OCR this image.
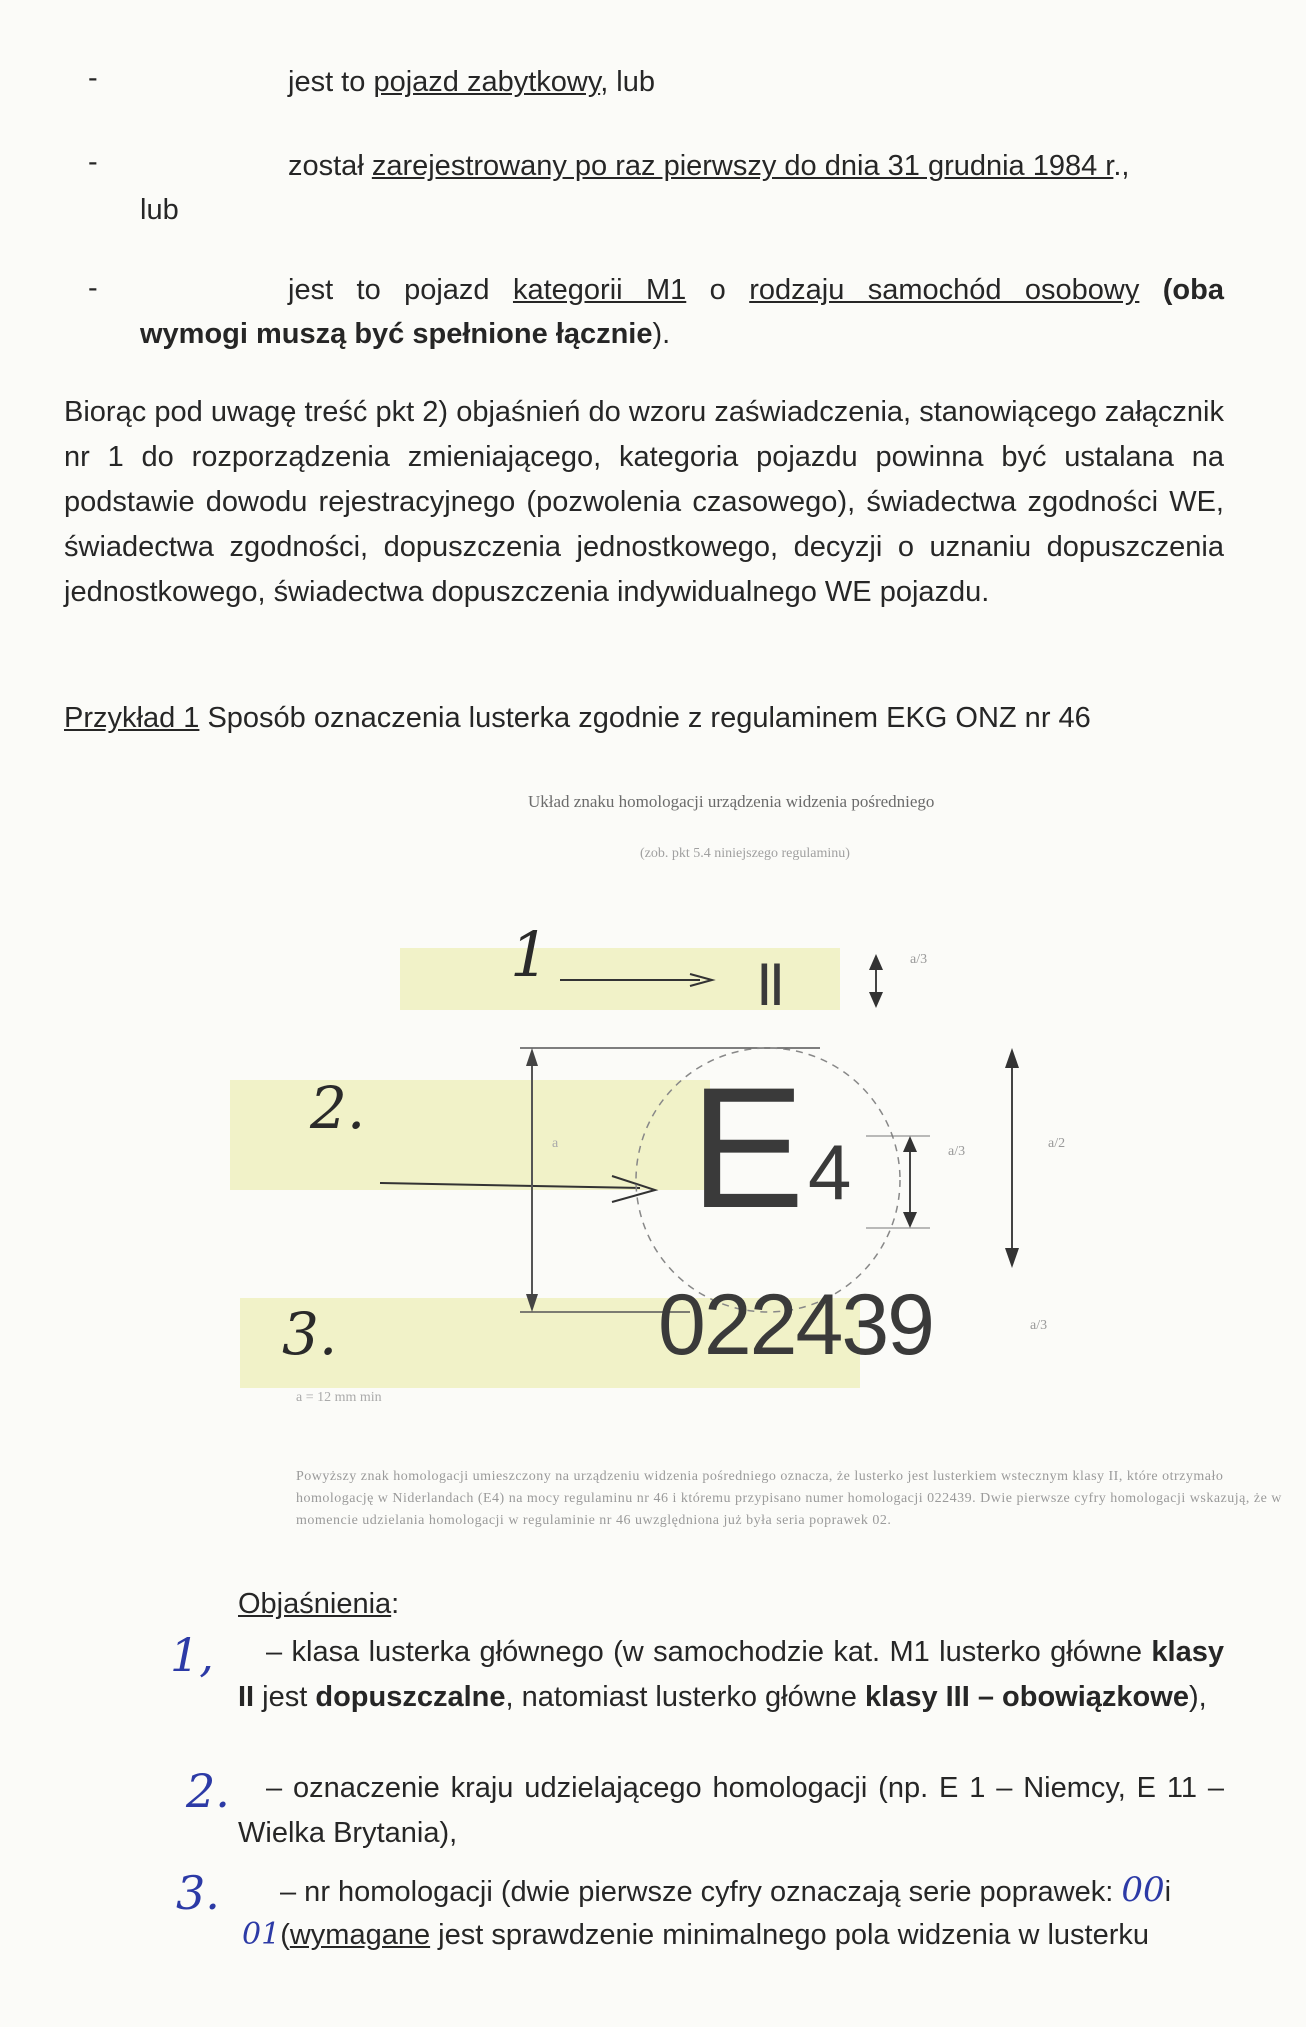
-	jest to pojazd zabytkowy, lub
-	został zarejestrowany po raz pierwszy do dnia 31 grudnia 1984 r.,
lub
-	jest to pojazd kategorii M1 o rodzaju samochód osobowy (oba
wymogi muszą być spełnione łącznie).
Biorąc pod uwagę treść pkt 2) objaśnień do wzoru zaświadczenia, stanowiącego załącznik nr 1 do rozporządzenia zmieniającego, kategoria pojazdu powinna być ustalana na podstawie dowodu rejestracyjnego (pozwolenia czasowego), świadectwa zgodności WE, świadectwa zgodności, dopuszczenia jednostkowego, decyzji o uznaniu dopuszczenia jednostkowego, świadectwa dopuszczenia indywidualnego WE pojazdu.
Przykład 1 Sposób oznaczenia lusterka zgodnie z regulaminem EKG ONZ nr 46
Układ znaku homologacji urządzenia widzenia pośredniego
(zob. pkt 5.4 niniejszego regulaminu)
1
2.
3.
II
E 4
022439
a/3
a/3
a/2
a/3
a
a = 12 mm min
Powyższy znak homologacji umieszczony na urządzeniu widzenia pośredniego oznacza, że lusterko jest lusterkiem wstecznym klasy II, które otrzymało homologację w Niderlandach (E4) na mocy regulaminu nr 46 i któremu przypisano numer homologacji 022439. Dwie pierwsze cyfry homologacji wskazują, że w momencie udzielania homologacji w regulaminie nr 46 uwzględniona już była seria poprawek 02.
Objaśnienia:
1,	– klasa lusterka głównego (w samochodzie kat. M1 lusterko główne klasy II jest dopuszczalne, natomiast lusterko główne klasy III – obowiązkowe),
2.	– oznaczenie kraju udzielającego homologacji (np. E 1 – Niemcy, E 11 – Wielka Brytania),
3.	– nr homologacji (dwie pierwsze cyfry oznaczają serie poprawek: 00i
01(wymagane jest sprawdzenie minimalnego pola widzenia w lusterku
